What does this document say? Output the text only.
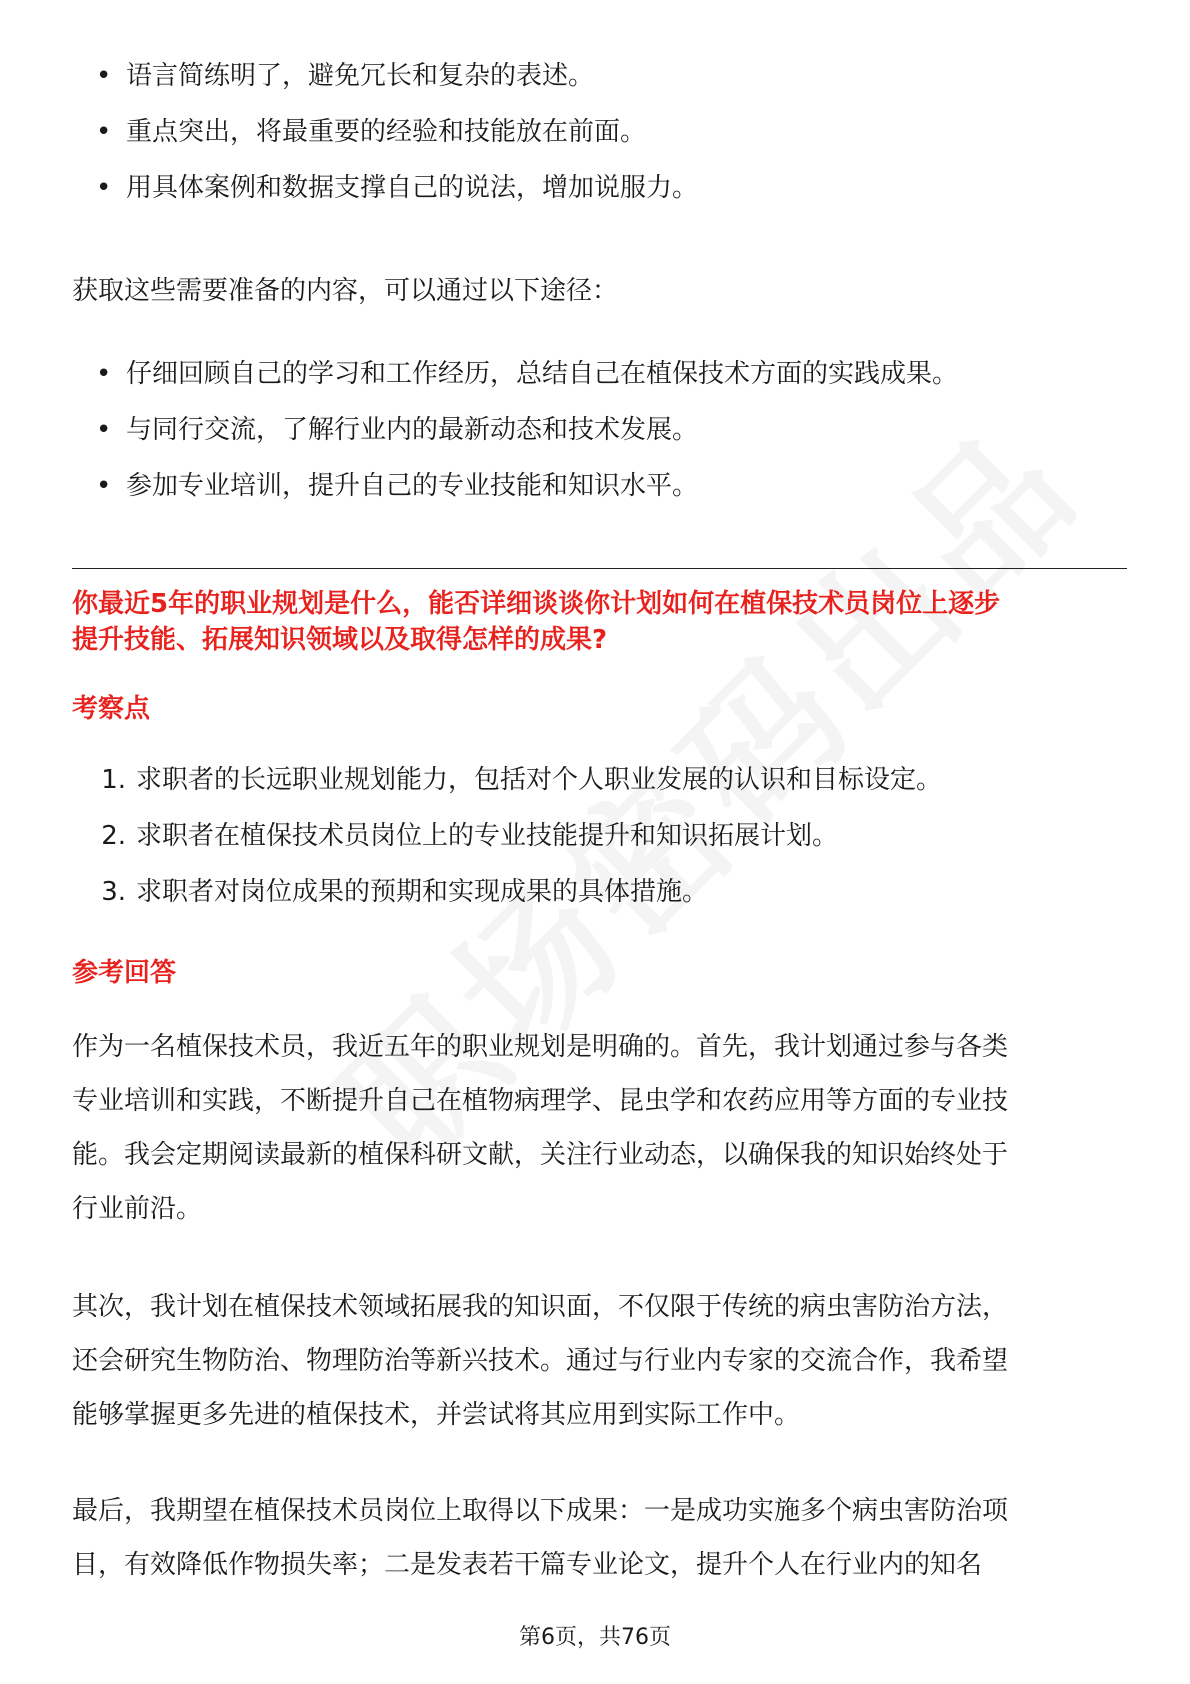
• 语言简练明了，避免冗长和复杂的表述。
• 重点突出，将最重要的经验和技能放在前面。
• 用具体案例和数据支撑自己的说法，增加说服力。
获取这些需要准备的内容，可以通过以下途径：
• 仔细回顾自己的学习和工作经历，总结自己在植保技术方面的实践成果。
• 与同行交流，了解行业内的最新动态和技术发展。
• 参加专业培训，提升自己的专业技能和知识水平。
你最近5年的职业规划是什么，能否详细谈谈你计划如何在植保技术员岗位上逐步
提升技能、拓展知识领域以及取得怎样的成果?
考察点
1. 求职者的长远职业规划能力，包括对个人职业发展的认识和目标设定。
2. 求职者在植保技术员岗位上的专业技能提升和知识拓展计划。
3. 求职者对岗位成果的预期和实现成果的具体措施。
参考回答
作为一名植保技术员，我近五年的职业规划是明确的。首先，我计划通过参与各类
专业培训和实践，不断提升自己在植物病理学、昆虫学和农药应用等方面的专业技
能。我会定期阅读最新的植保科研文献，关注行业动态，以确保我的知识始终处于
行业前沿。
其次，我计划在植保技术领域拓展我的知识面，不仅限于传统的病虫害防治方法，
还会研究生物防治、物理防治等新兴技术。通过与行业内专家的交流合作，我希望
能够掌握更多先进的植保技术，并尝试将其应用到实际工作中。
最后，我期望在植保技术员岗位上取得以下成果：一是成功实施多个病虫害防治项
目，有效降低作物损失率；二是发表若干篇专业论文，提升个人在行业内的知名
第6页，共76页
